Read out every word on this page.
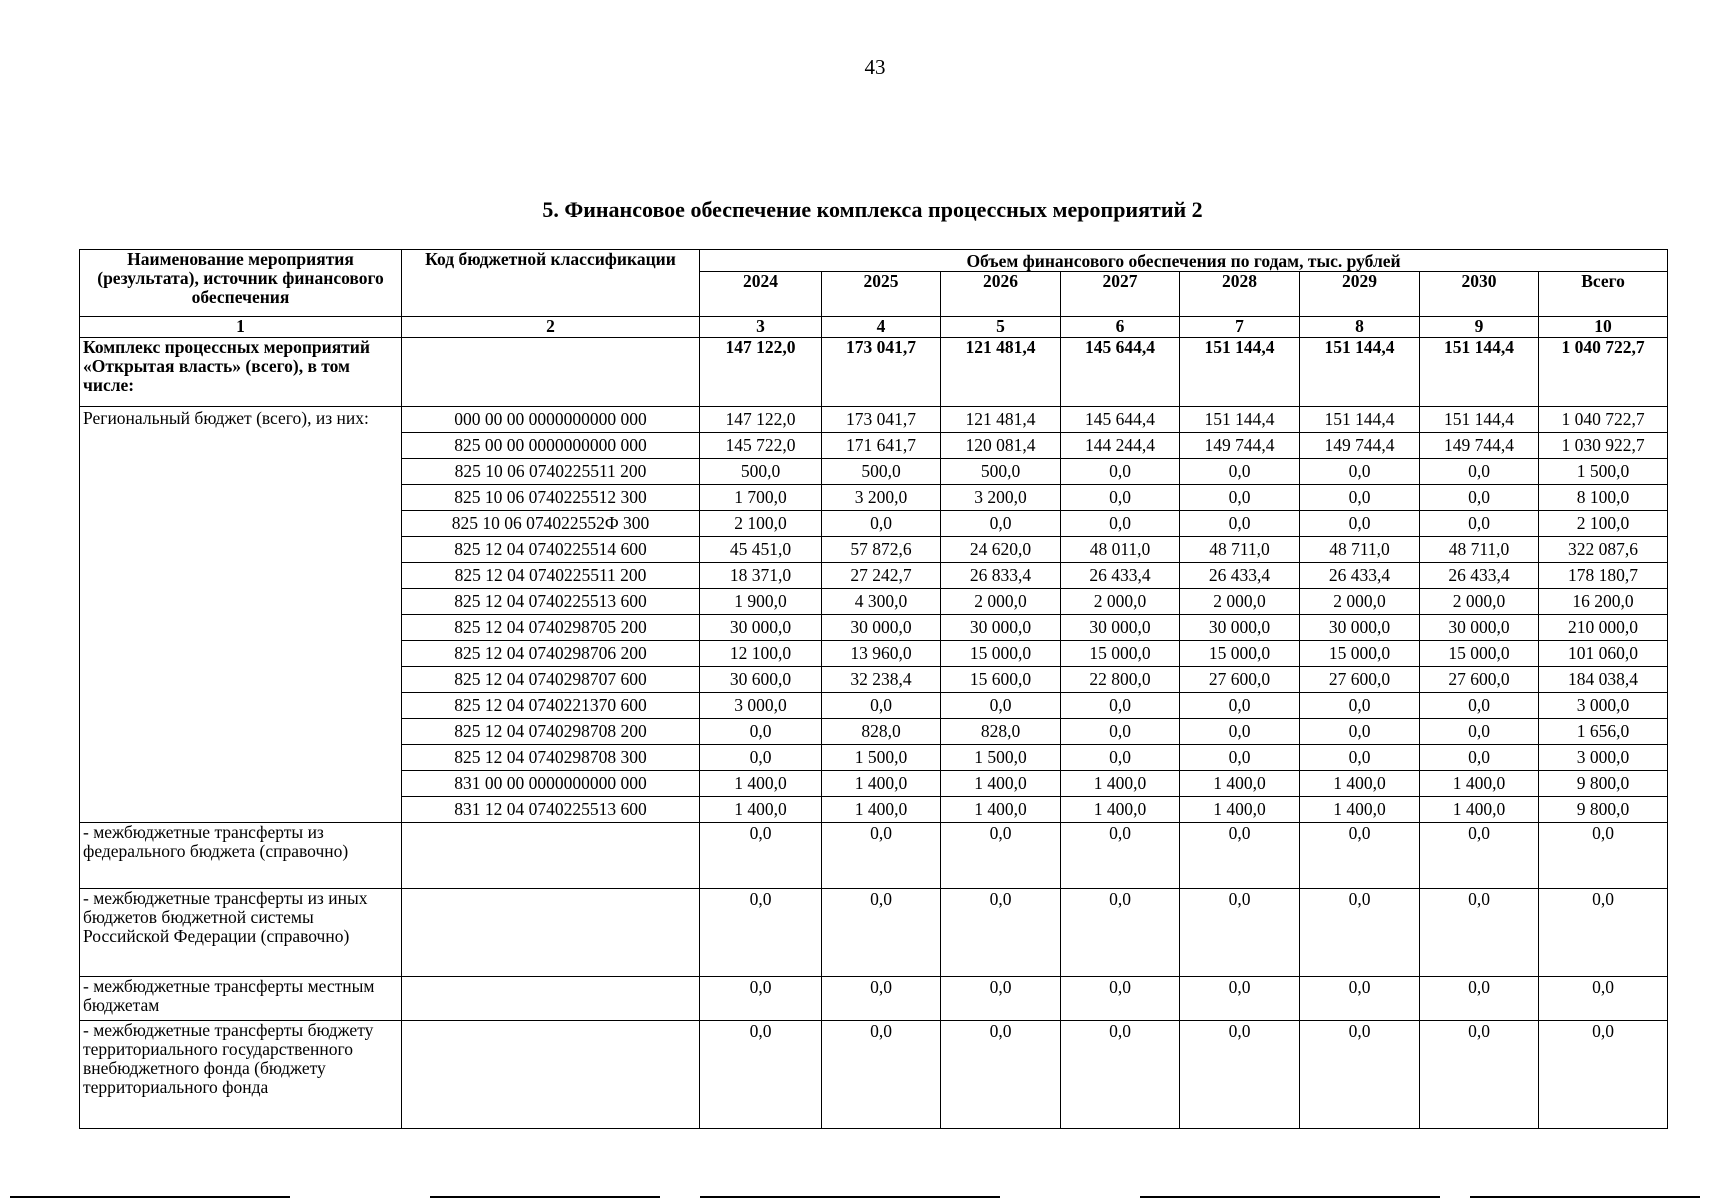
43
5. Финансовое обеспечение комплекса процессных мероприятий 2
Наименование мероприятия (результата), источник финансового обеспечения	Код бюджетной классификации	Объем финансового обеспечения по годам, тыс. рублей							
		2024	2025	2026	2027	2028	2029	2030	Всего
1	2	3	4	5	6	7	8	9	10
Комплекс процессных мероприятий «Открытая власть» (всего), в том числе:		147 122,0	173 041,7	121 481,4	145 644,4	151 144,4	151 144,4	151 144,4	1 040 722,7
Региональный бюджет (всего), из них:	000 00 00 0000000000 000	147 122,0	173 041,7	121 481,4	145 644,4	151 144,4	151 144,4	151 144,4	1 040 722,7
	825 00 00 0000000000 000	145 722,0	171 641,7	120 081,4	144 244,4	149 744,4	149 744,4	149 744,4	1 030 922,7
	825 10 06 0740225511 200	500,0	500,0	500,0	0,0	0,0	0,0	0,0	1 500,0
	825 10 06 0740225512 300	1 700,0	3 200,0	3 200,0	0,0	0,0	0,0	0,0	8 100,0
	825 10 06 074022552Ф 300	2 100,0	0,0	0,0	0,0	0,0	0,0	0,0	2 100,0
	825 12 04 0740225514 600	45 451,0	57 872,6	24 620,0	48 011,0	48 711,0	48 711,0	48 711,0	322 087,6
	825 12 04 0740225511 200	18 371,0	27 242,7	26 833,4	26 433,4	26 433,4	26 433,4	26 433,4	178 180,7
	825 12 04 0740225513 600	1 900,0	4 300,0	2 000,0	2 000,0	2 000,0	2 000,0	2 000,0	16 200,0
	825 12 04 0740298705 200	30 000,0	30 000,0	30 000,0	30 000,0	30 000,0	30 000,0	30 000,0	210 000,0
	825 12 04 0740298706 200	12 100,0	13 960,0	15 000,0	15 000,0	15 000,0	15 000,0	15 000,0	101 060,0
	825 12 04 0740298707 600	30 600,0	32 238,4	15 600,0	22 800,0	27 600,0	27 600,0	27 600,0	184 038,4
	825 12 04 0740221370 600	3 000,0	0,0	0,0	0,0	0,0	0,0	0,0	3 000,0
	825 12 04 0740298708 200	0,0	828,0	828,0	0,0	0,0	0,0	0,0	1 656,0
	825 12 04 0740298708 300	0,0	1 500,0	1 500,0	0,0	0,0	0,0	0,0	3 000,0
	831 00 00 0000000000 000	1 400,0	1 400,0	1 400,0	1 400,0	1 400,0	1 400,0	1 400,0	9 800,0
	831 12 04 0740225513 600	1 400,0	1 400,0	1 400,0	1 400,0	1 400,0	1 400,0	1 400,0	9 800,0
- межбюджетные трансферты из федерального бюджета (справочно)		0,0	0,0	0,0	0,0	0,0	0,0	0,0	0,0
- межбюджетные трансферты из иных бюджетов бюджетной системы Российской Федерации (справочно)		0,0	0,0	0,0	0,0	0,0	0,0	0,0	0,0
- межбюджетные трансферты местным бюджетам		0,0	0,0	0,0	0,0	0,0	0,0	0,0	0,0
- межбюджетные трансферты бюджету территориального государственного внебюджетного фонда (бюджету территориального фонда		0,0	0,0	0,0	0,0	0,0	0,0	0,0	0,0
